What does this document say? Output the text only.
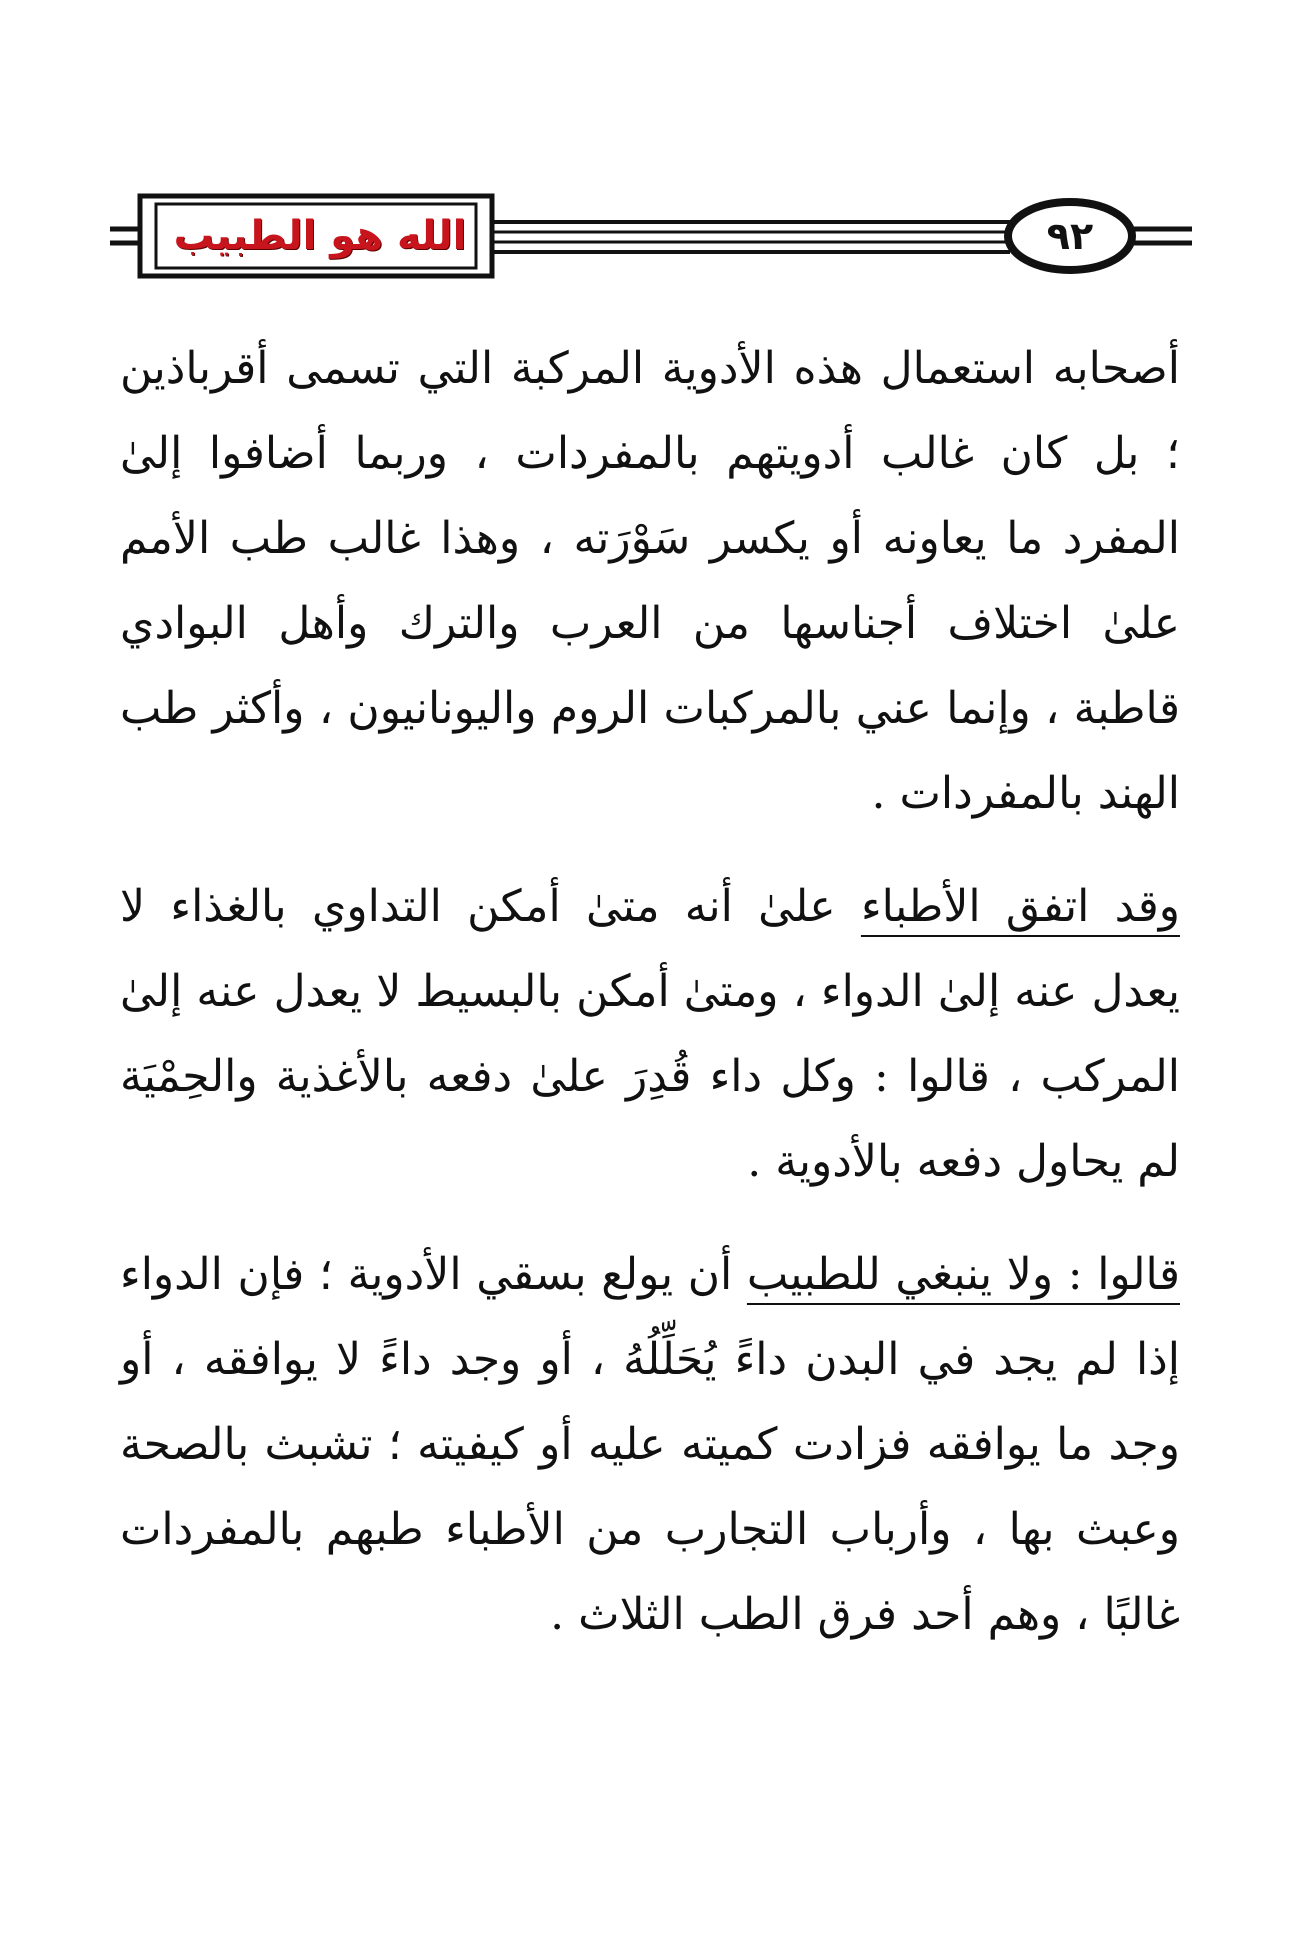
الله هو الطبيب	٩٢

أصحابه استعمال هذه الأدوية المركبة التي تسمى أقرباذين ؛ بل كان غالب أدويتهم بالمفردات ، وربما أضافوا إلىٰ المفرد ما يعاونه أو يكسر سَوْرَته ، وهذا غالب طب الأمم علىٰ اختلاف أجناسها من العرب والترك وأهل البوادي قاطبة ، وإنما عني بالمركبات الروم واليونانيون ، وأكثر طب الهند بالمفردات .

وقد اتفق الأطباء علىٰ أنه متىٰ أمكن التداوي بالغذاء لا يعدل عنه إلىٰ الدواء ، ومتىٰ أمكن بالبسيط لا يعدل عنه إلىٰ المركب ، قالوا : وكل داء قُدِرَ علىٰ دفعه بالأغذية والحِمْيَة لم يحاول دفعه بالأدوية .

قالوا : ولا ينبغي للطبيب أن يولع بسقي الأدوية ؛ فإن الدواء إذا لم يجد في البدن داءً يُحَلِّلُهُ ، أو وجد داءً لا يوافقه ، أو وجد ما يوافقه فزادت كميته عليه أو كيفيته ؛ تشبث بالصحة وعبث بها ، وأرباب التجارب من الأطباء طبهم بالمفردات غالبًا ، وهم أحد فرق الطب الثلاث .
